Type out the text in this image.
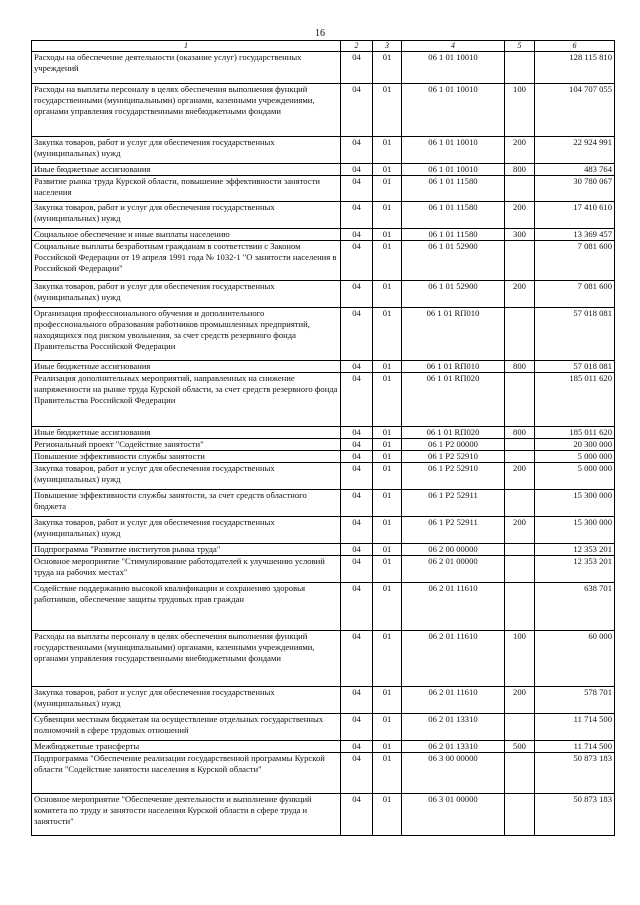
16
1	2	3	4	5	6
Расходы на обеспечение деятельности (оказание услуг) государственных учреждений	04	01	06 1 01 10010		128 115 810
Расходы на выплаты персоналу в целях обеспечения выполнения функций государственными (муниципальными) органами, казенными учреждениями, органами управления государственными внебюджетными фондами	04	01	06 1 01 10010	100	104 707 055
Закупка товаров, работ и услуг для обеспечения государственных (муниципальных) нужд	04	01	06 1 01 10010	200	22 924 991
Иные бюджетные ассигнования	04	01	06 1 01 10010	800	483 764
Развитие рынка труда Курской области, повышение эффективности занятости населения	04	01	06 1 01 11580		30 780 067
Закупка товаров, работ и услуг для обеспечения государственных (муниципальных) нужд	04	01	06 1 01 11580	200	17 410 610
Социальное обеспечение и иные выплаты населению	04	01	06 1 01 11580	300	13 369 457
Социальные выплаты безработным гражданам в соответствии с Законом Российской Федерации от 19 апреля 1991 года № 1032-1 "О занятости населения в Российской Федерации"	04	01	06 1 01 52900		7 081 600
Закупка товаров, работ и услуг для обеспечения государственных (муниципальных) нужд	04	01	06 1 01 52900	200	7 081 600
Организация профессионального обучения и дополнительного профессионального образования работников промышленных предприятий, находящихся под риском увольнения, за счет средств резервного фонда Правительства Российской Федерации	04	01	06 1 01 RП010		57 018 081
Иные бюджетные ассигнования	04	01	06 1 01 RП010	800	57 018 081
Реализация дополнительных мероприятий, направленных на снижение напряженности на рынке труда Курской области, за счет средств резервного фонда Правительства Российской Федерации	04	01	06 1 01 RП020		185 011 620
Иные бюджетные ассигнования	04	01	06 1 01 RП020	800	185 011 620
Региональный проект "Содействие занятости"	04	01	06 1 P2 00000		20 300 000
Повышение эффективности службы занятости	04	01	06 1 P2 52910		5 000 000
Закупка товаров, работ и услуг для обеспечения государственных (муниципальных) нужд	04	01	06 1 P2 52910	200	5 000 000
Повышение эффективности службы занятости, за счет средств областного бюджета	04	01	06 1 P2 52911		15 300 000
Закупка товаров, работ и услуг для обеспечения государственных (муниципальных) нужд	04	01	06 1 P2 52911	200	15 300 000
Подпрограмма "Развитие институтов рынка труда"	04	01	06 2 00 00000		12 353 201
Основное мероприятие "Стимулирование работодателей к улучшению условий труда на рабочих местах"	04	01	06 2 01 00000		12 353 201
Содействие поддержанию высокой квалификации и сохранению здоровья работников, обеспечение защиты трудовых прав граждан	04	01	06 2 01 11610		638 701
Расходы на выплаты персоналу в целях обеспечения выполнения функций государственными (муниципальными) органами, казенными учреждениями, органами управления государственными внебюджетными фондами	04	01	06 2 01 11610	100	60 000
Закупка товаров, работ и услуг для обеспечения государственных (муниципальных) нужд	04	01	06 2 01 11610	200	578 701
Субвенции местным бюджетам на осуществление отдельных государственных полномочий в сфере трудовых отношений	04	01	06 2 01 13310		11 714 500
Межбюджетные трансферты	04	01	06 2 01 13310	500	11 714 500
Подпрограмма "Обеспечение реализации государственной программы Курской области "Содействие занятости населения в Курской области"	04	01	06 3 00 00000		50 873 183
Основное мероприятие "Обеспечение деятельности и выполнение функций комитета по труду и занятости населения Курской области в сфере труда и занятости"	04	01	06 3 01 00000		50 873 183
